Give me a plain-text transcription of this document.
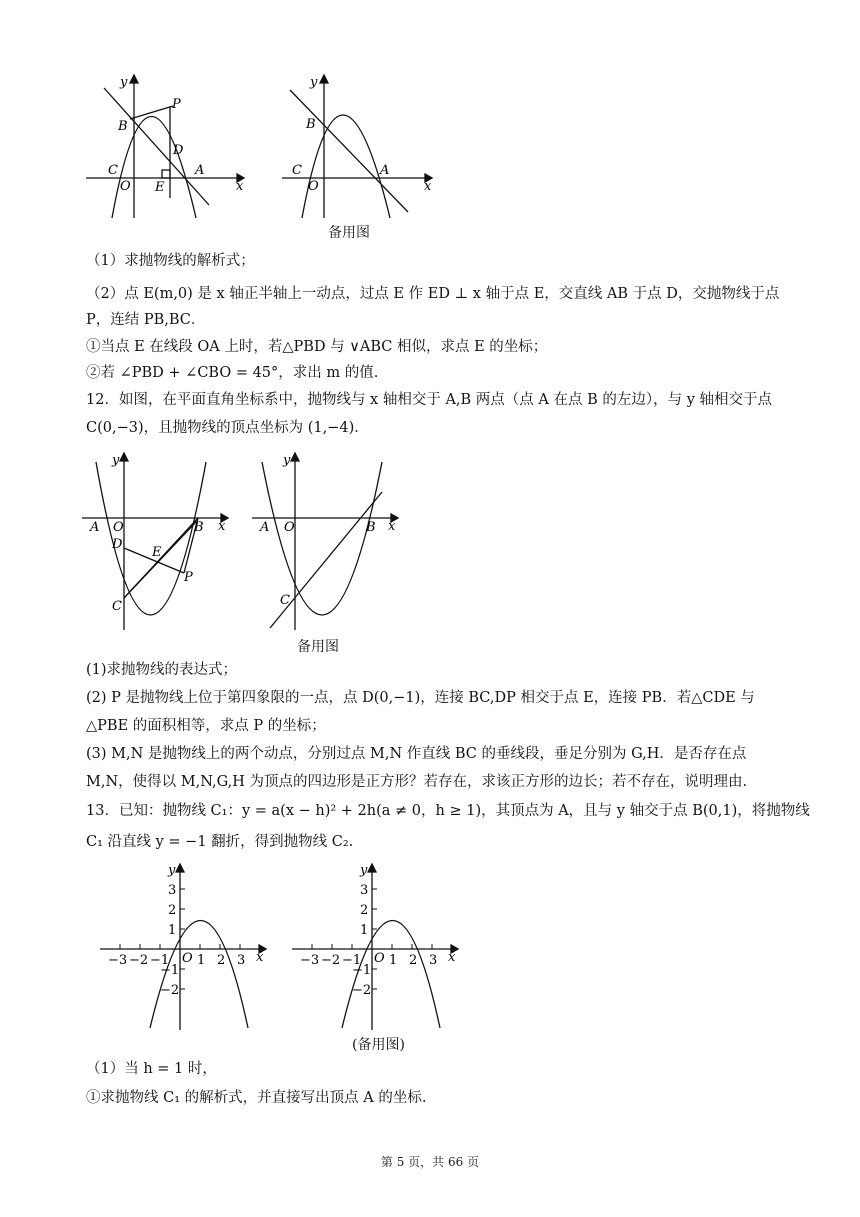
y
x
O
C	A
B
D
E
P
y
x
O
C	A
B
备用图
（1）求抛物线的解析式；
（2）点 E(m,0) 是 x 轴正半轴上一动点，过点 E 作 ED ⊥ x 轴于点 E，交直线 AB 于点 D，交抛物线于点
P，连结 PB,BC．
①当点 E 在线段 OA 上时，若△PBD 与 ∨ABC 相似，求点 E 的坐标；
②若 ∠PBD + ∠CBO = 45°，求出 m 的值.
12．如图，在平面直角坐标系中，抛物线与 x 轴相交于 A,B 两点（点 A 在点 B 的左边），与 y 轴相交于点
C(0,−3)，且抛物线的顶点坐标为 (1,−4)．
y
x
A O	B
D
E
P
C
y
x
A O	B
C
备用图
(1)求抛物线的表达式；
(2) P 是抛物线上位于第四象限的一点，点 D(0,−1)，连接 BC,DP 相交于点 E，连接 PB．若△CDE 与
△PBE 的面积相等，求点 P 的坐标；
(3) M,N 是抛物线上的两个动点，分别过点 M,N 作直线 BC 的垂线段，垂足分别为 G,H．是否存在点
M,N，使得以 M,N,G,H 为顶点的四边形是正方形？若存在，求该正方形的边长；若不存在，说明理由.
13．已知：抛物线 C₁：y = a(x − h)² + 2h(a ≠ 0，h ≥ 1)，其顶点为 A，且与 y 轴交于点 B(0,1)，将抛物线
C₁ 沿直线 y = −1 翻折，得到抛物线 C₂.
−3 −2 −1 1 2 3
3
2
1
−1
−2
O
y
x	−3 −2 −1 1 2 3
3
2
1
−1
−2
O
y
x
(备用图)
（1）当 h = 1 时，
①求抛物线 C₁ 的解析式，并直接写出顶点 A 的坐标.
第 5 页，共 66 页
